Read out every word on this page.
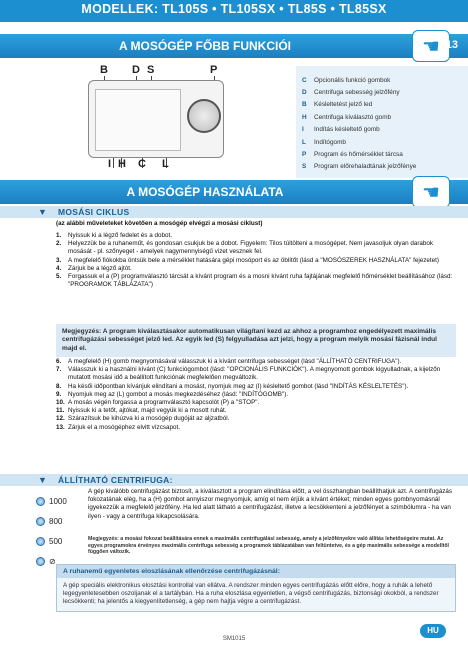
MODELLEK: TL105S • TL105SX • TL85S • TL85SX
A MOSÓGÉP FŐBB FUNKCIÓI	☚ 13
B D S	P
I H C L
C	Opcionális funkció gombok
D	Centrifuga sebesség jelzőfény
B	Késleltetést jelző led
H	Centrifuga kiválasztó gomb
I	Indítás késleltető gomb
L	Indítógomb
P	Program és hőmérséklet tárcsa
S	Program előrehaladtának jelzőfénye
A MOSÓGÉP HASZNÁLATA	☚
▼ MOSÁSI CIKLUS
(az alábbi műveleteket követően a mosógép elvégzi a mosási ciklust)
1.	Nyissuk ki a légző fedelet és a dobot.
2.	Helyezzük be a ruhaneműt, és gondosan csukjuk be a dobot. Figyelem: Tilos túltölteni a mosógépet. Nem javasoljuk olyan darabok mosását - pl. szőnyeget - amelyek nagymennyiségű vizet vesznek fel.
3.	A megfelelő fiókokba öntsük bele a mérséklet hatására gépi mosóport és az öblítőt (lásd a "MOSÓSZEREK HASZNÁLATA" fejezetet)
4.	Zárjuk be a légző ajtót.
5.	Forgassuk el a (P) programválasztó tárcsát a kívánt program és a mosni kívánt ruha fajtájának megfelelő hőmérséklet beállításához (lásd: "PROGRAMOK TÁBLÁZATA")
Megjegyzés: A program kiválasztásakor automatikusan világítani kezd az ahhoz a programhoz engedélyezett maximális centrifugázási sebességet jelző led. Az egyik led (S) felgyulladása azt jelzi, hogy a program melyik mosási fázisnál indul majd el.
6.	A megfelelő (H) gomb megnyomásával válasszuk ki a kívánt centrifuga sebességet (lásd "ÁLLÍTHATÓ CENTRIFUGA").
7.	Válasszuk ki a használni kívánt (C) funkciógombot (lásd: "OPCIONÁLIS FUNKCIÓK"). A megnyomott gombok kigyulladnak, a kijelzőn mutatott mosási idő a beállított funkciónak megfelelően megváltozik.
8.	Ha késői időpontban kívánjuk elindítani a mosást, nyomjuk meg az (I) késleltető gombot (lásd "INDÍTÁS KÉSLELTETÉS").
9.	Nyomjuk meg az (L) gombot a mosás megkezdéséhez (lásd: "INDÍTÓGOMB").
10. A mosás végén forgassa a programválasztó kapcsolót (P) a "STOP".
11. Nyissuk ki a tetőt, ajtókat, majd vegyük ki a mosott ruhát.
12. Szárazítsuk be kihúzva ki a mosógép dugóját az aljzatból.
13. Zárjuk el a mosógéphez elvitt vízcsapot.
▼ ÁLLÍTHATÓ CENTRIFUGA:
1000
800
500
⊘
A gép kiválóbb centrifugázást biztosít, a kiválasztott a program elindítása előtt, a vel összhangban beállíthatjuk azt. A centrifugázás fokozatának elég, ha a (H) gombot annyiszor megnyomjuk, amíg el nem érjük a kívánt értéket; minden egyes gombnyomásnál igyekezzük a megfelelő jelzőfény. Ha led alatt látható a centrifugázást, illetve a lecsökkenteni a jelzőfényet a szimbólumra - ha van ilyen - vagy a centrifuga kikapcsolására.
Megjegyzés: a mosási fokozat beállítására ennek a maximális centrifugálási sebesség, amely a jelzőfényekre való állítás lehetőségeire mutat. Az egyes programokra érvényes maximális centrifuga sebesség a programok táblázatában van feltüntetve, és a gép maximális sebessége a modelltől függően változik.
A ruhanemű egyenletes eloszlásának ellenőrzése centrifugázásnál:
A gép speciális elektronikus elosztási kontrollal van ellátva. A rendszer minden egyes centrifugázás előtt előre, hogy a ruhák a lehető legegyenletesebben oszoljanak el a tartályban. Ha a ruha eloszlása egyenletlen, a végső centrifugázás, biztonsági okokból, a rendszer lecsökkenti; ha jelentős a kiegyenlítetlenség, a gép nem hajtja végre a centrifugázást.
SM1015
HU
